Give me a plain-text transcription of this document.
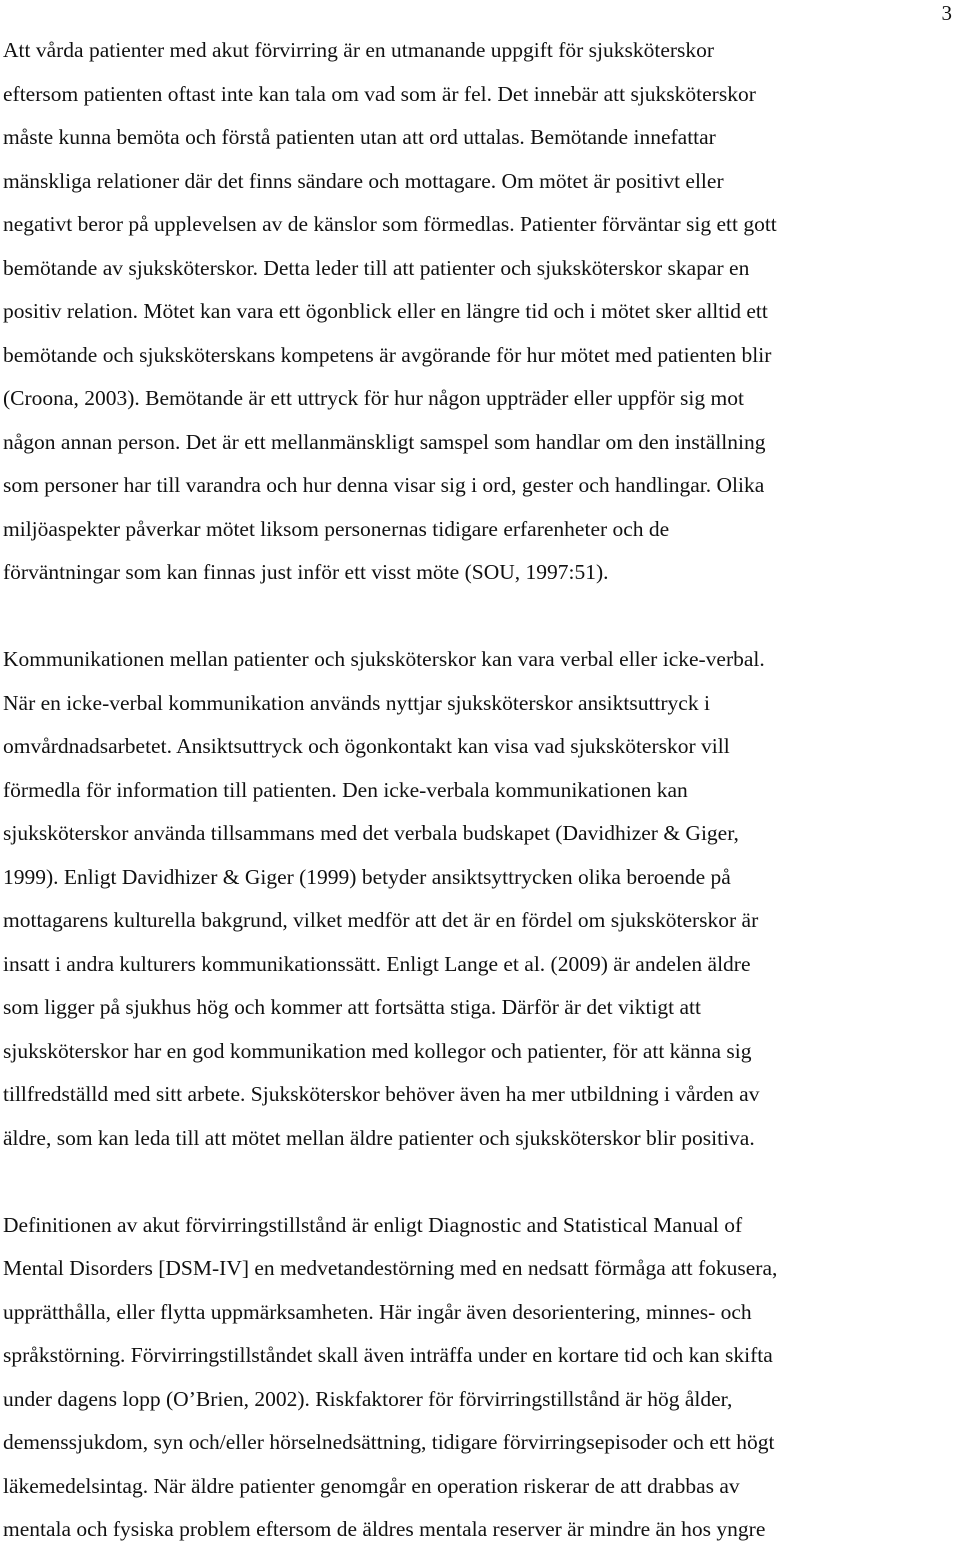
3
Att vårda patienter med akut förvirring är en utmanande uppgift för sjuksköterskor
eftersom patienten oftast inte kan tala om vad som är fel. Det innebär att sjuksköterskor
måste kunna bemöta och förstå patienten utan att ord uttalas. Bemötande innefattar
mänskliga relationer där det finns sändare och mottagare. Om mötet är positivt eller
negativt beror på upplevelsen av de känslor som förmedlas. Patienter förväntar sig ett gott
bemötande av sjuksköterskor. Detta leder till att patienter och sjuksköterskor skapar en
positiv relation. Mötet kan vara ett ögonblick eller en längre tid och i mötet sker alltid ett
bemötande och sjuksköterskans kompetens är avgörande för hur mötet med patienten blir
(Croona, 2003). Bemötande är ett uttryck för hur någon uppträder eller uppför sig mot
någon annan person. Det är ett mellanmänskligt samspel som handlar om den inställning
som personer har till varandra och hur denna visar sig i ord, gester och handlingar. Olika
miljöaspekter påverkar mötet liksom personernas tidigare erfarenheter och de
förväntningar som kan finnas just inför ett visst möte (SOU, 1997:51).
Kommunikationen mellan patienter och sjuksköterskor kan vara verbal eller icke-verbal.
När en icke-verbal kommunikation används nyttjar sjuksköterskor ansiktsuttryck i
omvårdnadsarbetet. Ansiktsuttryck och ögonkontakt kan visa vad sjuksköterskor vill
förmedla för information till patienten. Den icke-verbala kommunikationen kan
sjuksköterskor använda tillsammans med det verbala budskapet (Davidhizer & Giger,
1999). Enligt Davidhizer & Giger (1999) betyder ansiktsyttrycken olika beroende på
mottagarens kulturella bakgrund, vilket medför att det är en fördel om sjuksköterskor är
insatt i andra kulturers kommunikationssätt. Enligt Lange et al. (2009) är andelen äldre
som ligger på sjukhus hög och kommer att fortsätta stiga. Därför är det viktigt att
sjuksköterskor har en god kommunikation med kollegor och patienter, för att känna sig
tillfredställd med sitt arbete. Sjuksköterskor behöver även ha mer utbildning i vården av
äldre, som kan leda till att mötet mellan äldre patienter och sjuksköterskor blir positiva.
Definitionen av akut förvirringstillstånd är enligt Diagnostic and Statistical Manual of
Mental Disorders [DSM-IV] en medvetandestörning med en nedsatt förmåga att fokusera,
upprätthålla, eller flytta uppmärksamheten. Här ingår även desorientering, minnes- och
språkstörning. Förvirringstillståndet skall även inträffa under en kortare tid och kan skifta
under dagens lopp (O’Brien, 2002). Riskfaktorer för förvirringstillstånd är hög ålder,
demenssjukdom, syn och/eller hörselnedsättning, tidigare förvirringsepisoder och ett högt
läkemedelsintag. När äldre patienter genomgår en operation riskerar de att drabbas av
mentala och fysiska problem eftersom de äldres mentala reserver är mindre än hos yngre
